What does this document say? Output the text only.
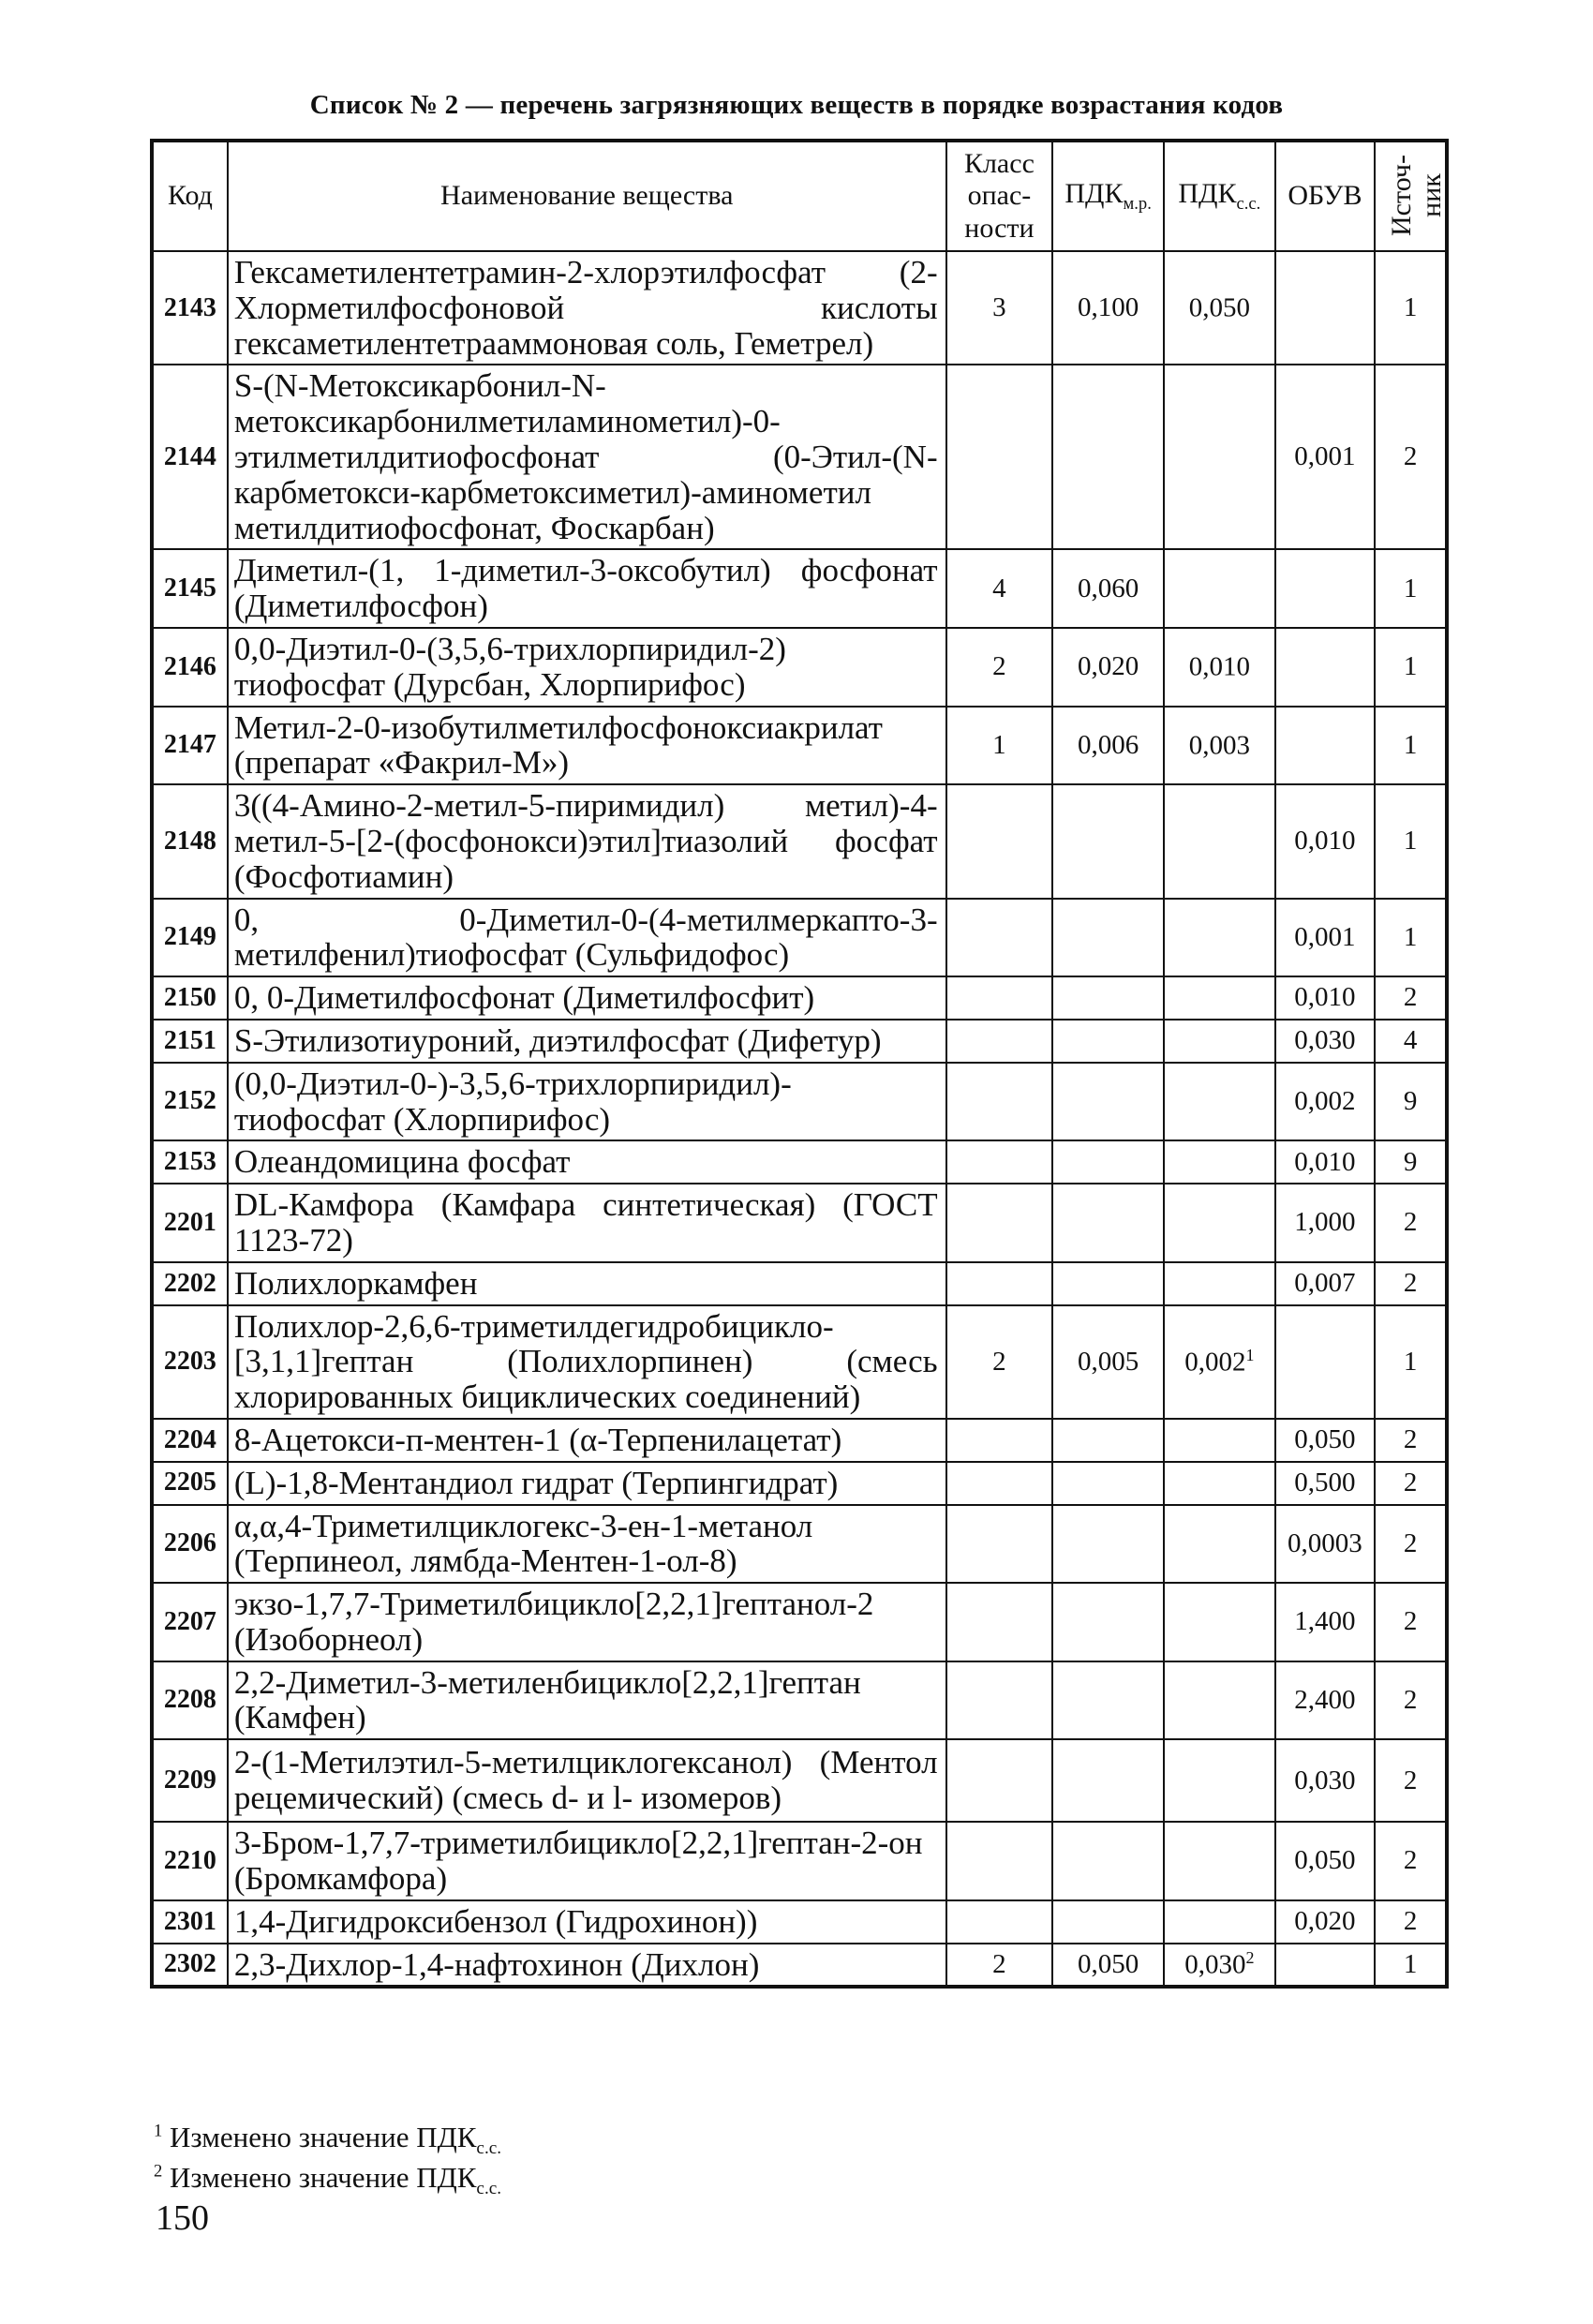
Список № 2 — перечень загрязняющих веществ в порядке возрастания кодов
Код	Наименование вещества	Класс
опас-
ности	$ПДК_{м.р.}$	$ПДК_{с.с.}$	ОБУВ	Источ-
ник
2143	Гексаметилентетрамин-2-хлорэтилфосфат (2-Хлорметилфосфоновой кислоты гексаметилентетрааммоновая соль, Геметрел)	3	0,100	0,050		1
2144	S-(N-Метоксикарбонил-N-метоксикарбонилметиламинометил)-0-этилметилдитиофосфонат (0-Этил-(N-карбметокси-карбметоксиметил)-аминометил метилдитиофосфонат, Фоскарбан)				0,001	2
2145	Диметил-(1, 1-диметил-3-оксобутил) фосфонат (Диметилфосфон)	4	0,060			1
2146	0,0-Диэтил-0-(3,5,6-трихлорпиридил-2) тиофосфат (Дурсбан, Хлорпирифос)	2	0,020	0,010		1
2147	Метил-2-0-изобутилметилфосфоноксиакрилат (препарат «Факрил-М»)	1	0,006	0,003		1
2148	3((4-Амино-2-метил-5-пиримидил) метил)-4-метил-5-[2-(фосфонокси)этил]тиазолий фосфат (Фосфотиамин)				0,010	1
2149	0, 0-Диметил-0-(4-метилмеркапто-3-метилфенил)тиофосфат (Сульфидофос)				0,001	1
2150	0, 0-Диметилфосфонат (Диметилфосфит)				0,010	2
2151	S-Этилизотиуроний, диэтилфосфат (Дифетур)				0,030	4
2152	(0,0-Диэтил-0-)-3,5,6-трихлорпиридил)-тиофосфат (Хлорпирифос)				0,002	9
2153	Олеандомицина фосфат				0,010	9
2201	DL-Камфора (Камфара синтетическая) (ГОСТ 1123-72)				1,000	2
2202	Полихлоркамфен				0,007	2
2203	Полихлор-2,6,6-триметилдегидробицикло-[3,1,1]гептан (Полихлорпинен) (смесь хлорированных бициклических соединений)	2	0,005	0,002$^1$		1
2204	8-Ацетокси-п-ментен-1 (α-Терпенилацетат)				0,050	2
2205	(L)-1,8-Ментандиол гидрат (Терпингидрат)				0,500	2
2206	α,α,4-Триметилциклогекс-3-ен-1-метанол (Терпинеол, лямбда-Ментен-1-ол-8)				0,0003	2
2207	экзо-1,7,7-Триметилбицикло[2,2,1]гептанол-2 (Изоборнеол)				1,400	2
2208	2,2-Диметил-3-метиленбицикло[2,2,1]гептан (Камфен)				2,400	2
2209	2-(1-Метилэтил-5-метилциклогексанол) (Ментол рецемический) (смесь d- и l- изомеров)				0,030	2
2210	3-Бром-1,7,7-триметилбицикло[2,2,1]гептан-2-он (Бромкамфора)				0,050	2
2301	1,4-Дигидроксибензол (Гидрохинон))				0,020	2
2302	2,3-Дихлор-1,4-нафтохинон (Дихлон)	2	0,050	0,030$^2$		1
$^1$ Изменено значение $ПДК_{с.с.}$
$^2$ Изменено значение $ПДК_{с.с.}$
150
